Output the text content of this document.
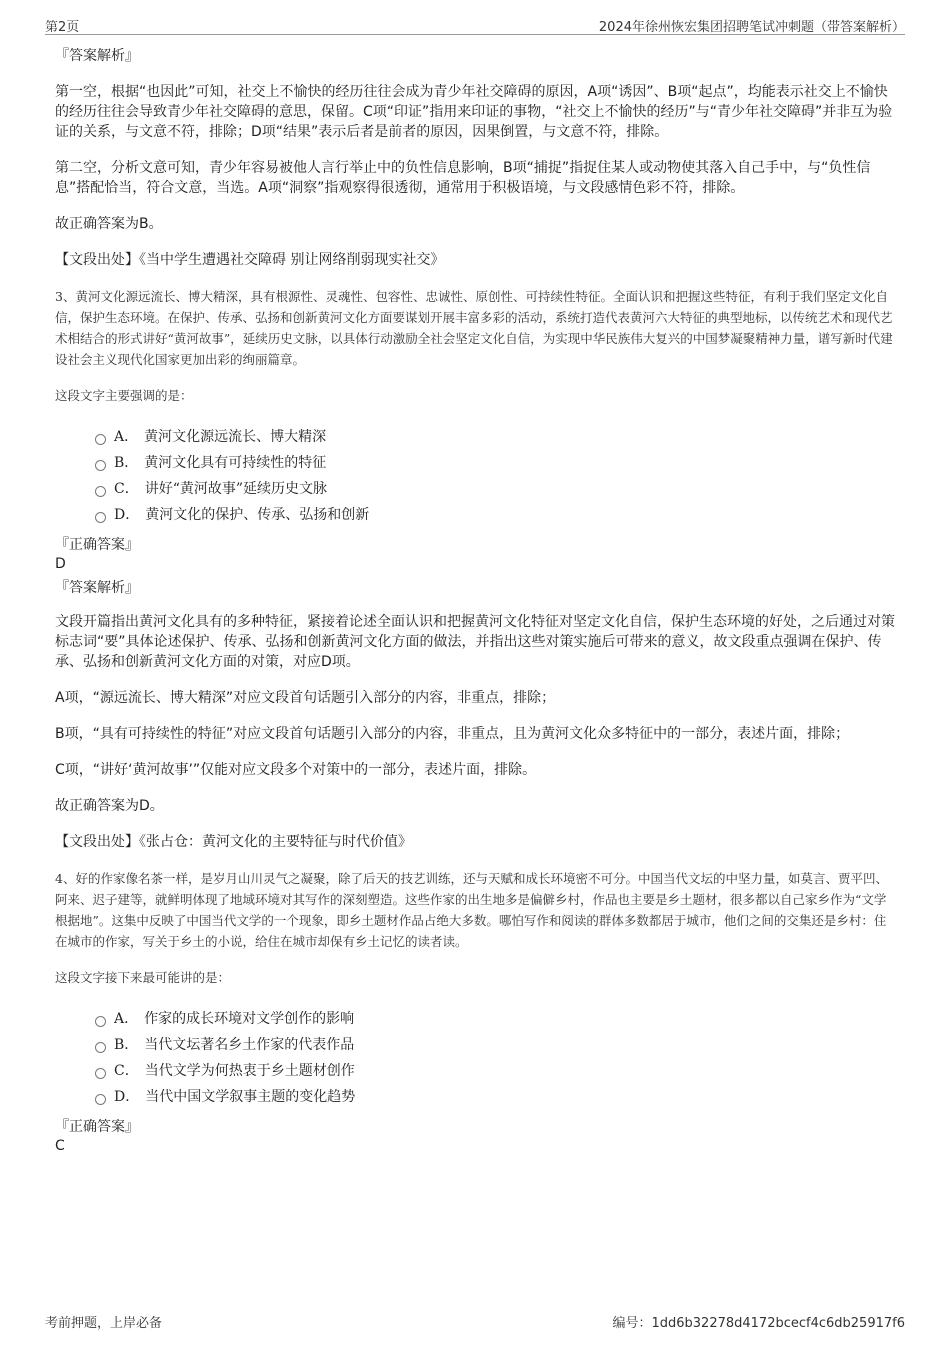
第2页	2024年徐州恢宏集团招聘笔试冲刺题（带答案解析）

『答案解析』

第一空，根据“也因此”可知，社交上不愉快的经历往往会成为青少年社交障碍的原因，A项“诱因”、B项“起点”，均能表示社交上不愉快的经历往往会导致青少年社交障碍的意思，保留。C项“印证”指用来印证的事物，“社交上不愉快的经历”与“青少年社交障碍”并非互为验证的关系，与文意不符，排除；D项“结果”表示后者是前者的原因，因果倒置，与文意不符，排除。

第二空，分析文意可知，青少年容易被他人言行举止中的负性信息影响，B项“捕捉”指捉住某人或动物使其落入自己手中，与“负性信息”搭配恰当，符合文意，当选。A项“洞察”指观察得很透彻，通常用于积极语境，与文段感情色彩不符，排除。

故正确答案为B。

【文段出处】《当中学生遭遇社交障碍 别让网络削弱现实社交》

3、黄河文化源远流长、博大精深，具有根源性、灵魂性、包容性、忠诚性、原创性、可持续性特征。全面认识和把握这些特征，有利于我们坚定文化自信，保护生态环境。在保护、传承、弘扬和创新黄河文化方面要谋划开展丰富多彩的活动，系统打造代表黄河六大特征的典型地标，以传统艺术和现代艺术相结合的形式讲好“黄河故事”，延续历史文脉，以具体行动激励全社会坚定文化自信，为实现中华民族伟大复兴的中国梦凝聚精神力量，谱写新时代建设社会主义现代化国家更加出彩的绚丽篇章。

这段文字主要强调的是：

A． 黄河文化源远流长、博大精深
B． 黄河文化具有可持续性的特征
C． 讲好“黄河故事”延续历史文脉
D． 黄河文化的保护、传承、弘扬和创新

『正确答案』

D

『答案解析』

文段开篇指出黄河文化具有的多种特征，紧接着论述全面认识和把握黄河文化特征对坚定文化自信，保护生态环境的好处，之后通过对策标志词“要”具体论述保护、传承、弘扬和创新黄河文化方面的做法，并指出这些对策实施后可带来的意义，故文段重点强调在保护、传承、弘扬和创新黄河文化方面的对策，对应D项。

A项，“源远流长、博大精深”对应文段首句话题引入部分的内容，非重点，排除；

B项，“具有可持续性的特征”对应文段首句话题引入部分的内容，非重点，且为黄河文化众多特征中的一部分，表述片面，排除；

C项，“讲好‘黄河故事’”仅能对应文段多个对策中的一部分，表述片面，排除。

故正确答案为D。

【文段出处】《张占仓：黄河文化的主要特征与时代价值》

4、好的作家像名茶一样，是岁月山川灵气之凝聚，除了后天的技艺训练，还与天赋和成长环境密不可分。中国当代文坛的中坚力量，如莫言、贾平凹、阿来、迟子建等，就鲜明体现了地域环境对其写作的深刻塑造。这些作家的出生地多是偏僻乡村，作品也主要是乡土题材，很多都以自己家乡作为“文学根据地”。这集中反映了中国当代文学的一个现象，即乡土题材作品占绝大多数。哪怕写作和阅读的群体多数都居于城市，他们之间的交集还是乡村：住在城市的作家，写关于乡土的小说，给住在城市却保有乡土记忆的读者读。

这段文字接下来最可能讲的是：

A． 作家的成长环境对文学创作的影响
B． 当代文坛著名乡土作家的代表作品
C． 当代文学为何热衷于乡土题材创作
D． 当代中国文学叙事主题的变化趋势

『正确答案』

C

考前押题，上岸必备	编号：1dd6b32278d4172bcecf4c6db25917f6
